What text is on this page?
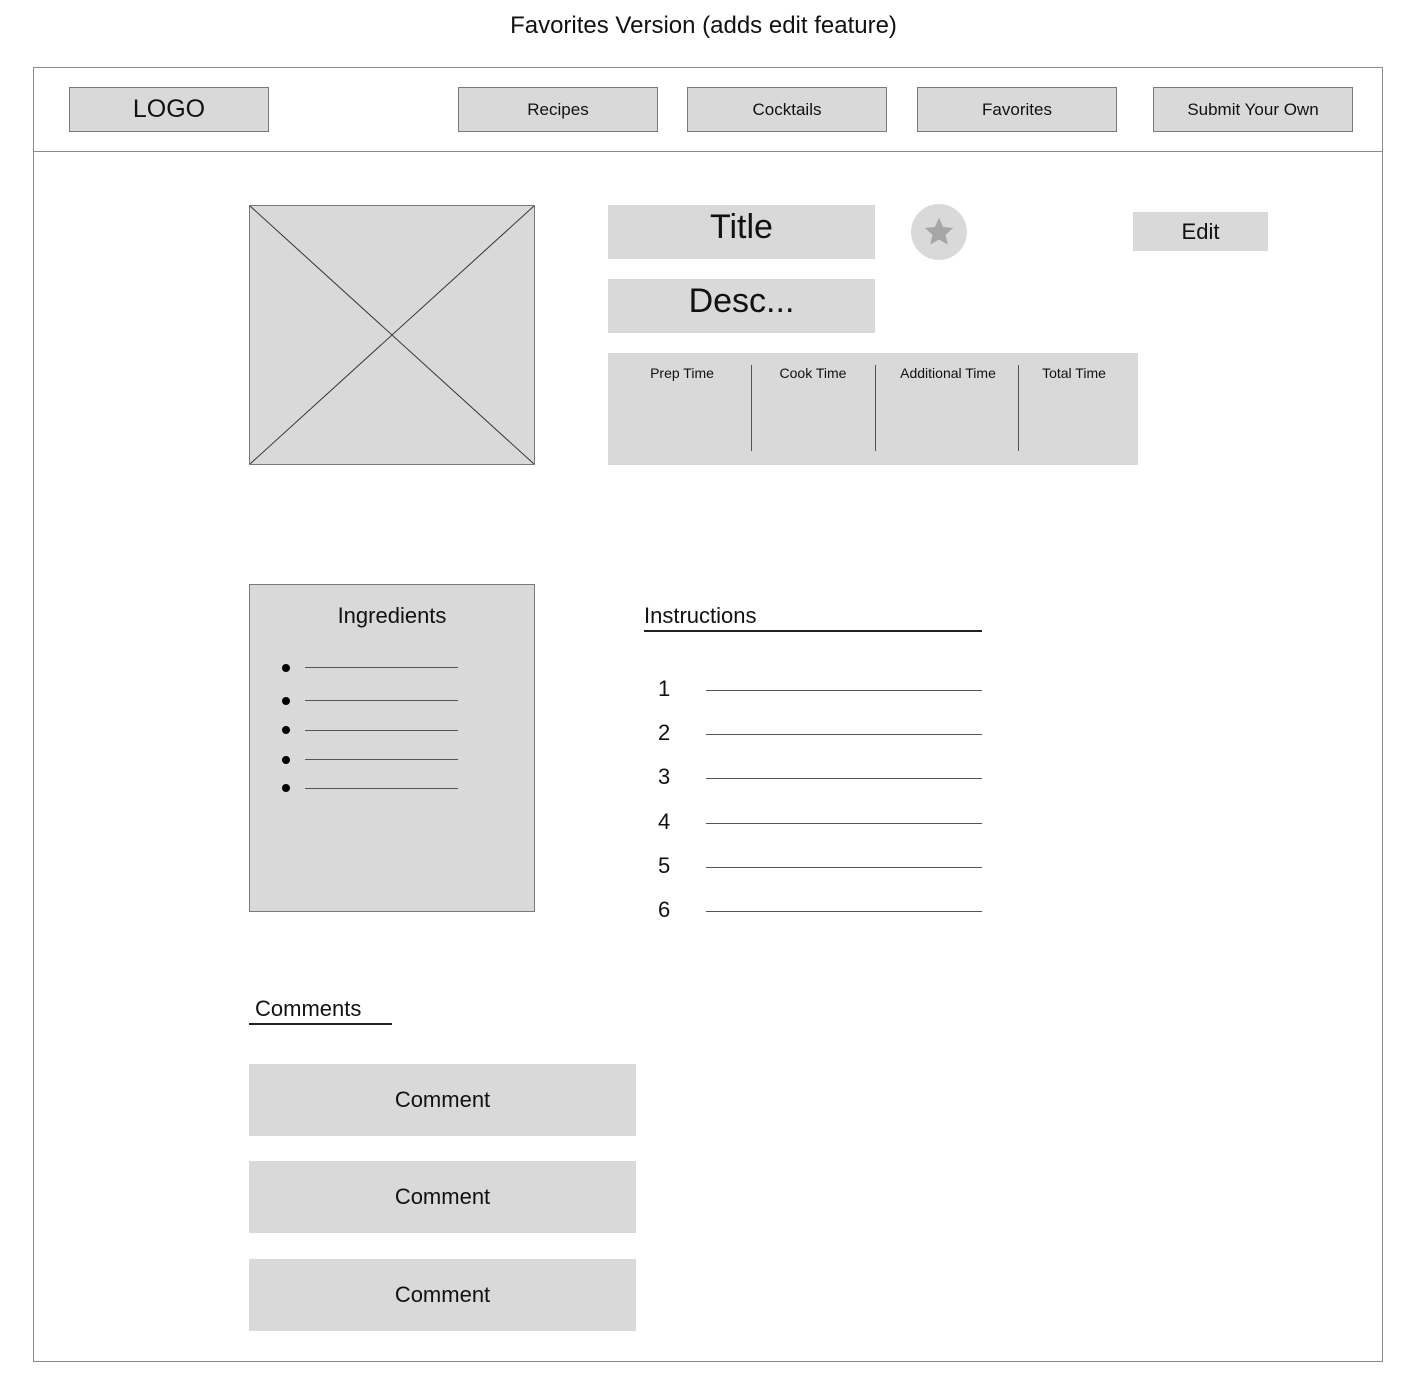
Favorites Version (adds edit feature)
LOGO	Recipes	Cocktails	Favorites	Submit Your Own
Title
Desc...
Edit
Prep Time	Cook Time	Additional Time	Total Time
Ingredients	Instructions
1
2
3
4
5
6
Comments
Comment
Comment
Comment
